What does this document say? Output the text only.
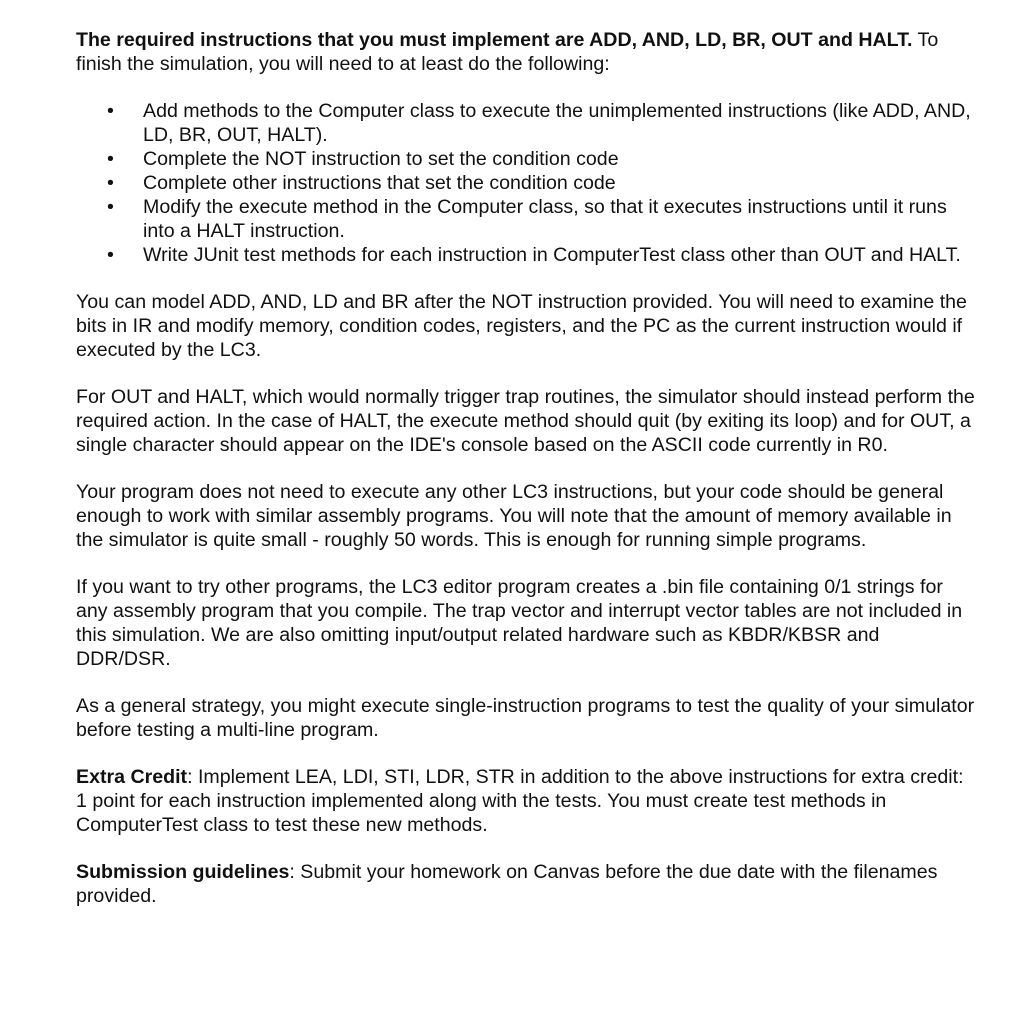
The required instructions that you must implement are ADD, AND, LD, BR, OUT and HALT. To finish the simulation, you will need to at least do the following:

• Add methods to the Computer class to execute the unimplemented instructions (like ADD, AND, LD, BR, OUT, HALT).
• Complete the NOT instruction to set the condition code
• Complete other instructions that set the condition code
• Modify the execute method in the Computer class, so that it executes instructions until it runs into a HALT instruction.
• Write JUnit test methods for each instruction in ComputerTest class other than OUT and HALT.

You can model ADD, AND, LD and BR after the NOT instruction provided. You will need to examine the bits in IR and modify memory, condition codes, registers, and the PC as the current instruction would if executed by the LC3.

For OUT and HALT, which would normally trigger trap routines, the simulator should instead perform the required action. In the case of HALT, the execute method should quit (by exiting its loop) and for OUT, a single character should appear on the IDE's console based on the ASCII code currently in R0.

Your program does not need to execute any other LC3 instructions, but your code should be general enough to work with similar assembly programs. You will note that the amount of memory available in the simulator is quite small - roughly 50 words. This is enough for running simple programs.

If you want to try other programs, the LC3 editor program creates a .bin file containing 0/1 strings for any assembly program that you compile. The trap vector and interrupt vector tables are not included in this simulation. We are also omitting input/output related hardware such as KBDR/KBSR and DDR/DSR.

As a general strategy, you might execute single-instruction programs to test the quality of your simulator before testing a multi-line program.

Extra Credit: Implement LEA, LDI, STI, LDR, STR in addition to the above instructions for extra credit: 1 point for each instruction implemented along with the tests. You must create test methods in ComputerTest class to test these new methods.

Submission guidelines: Submit your homework on Canvas before the due date with the filenames provided.
